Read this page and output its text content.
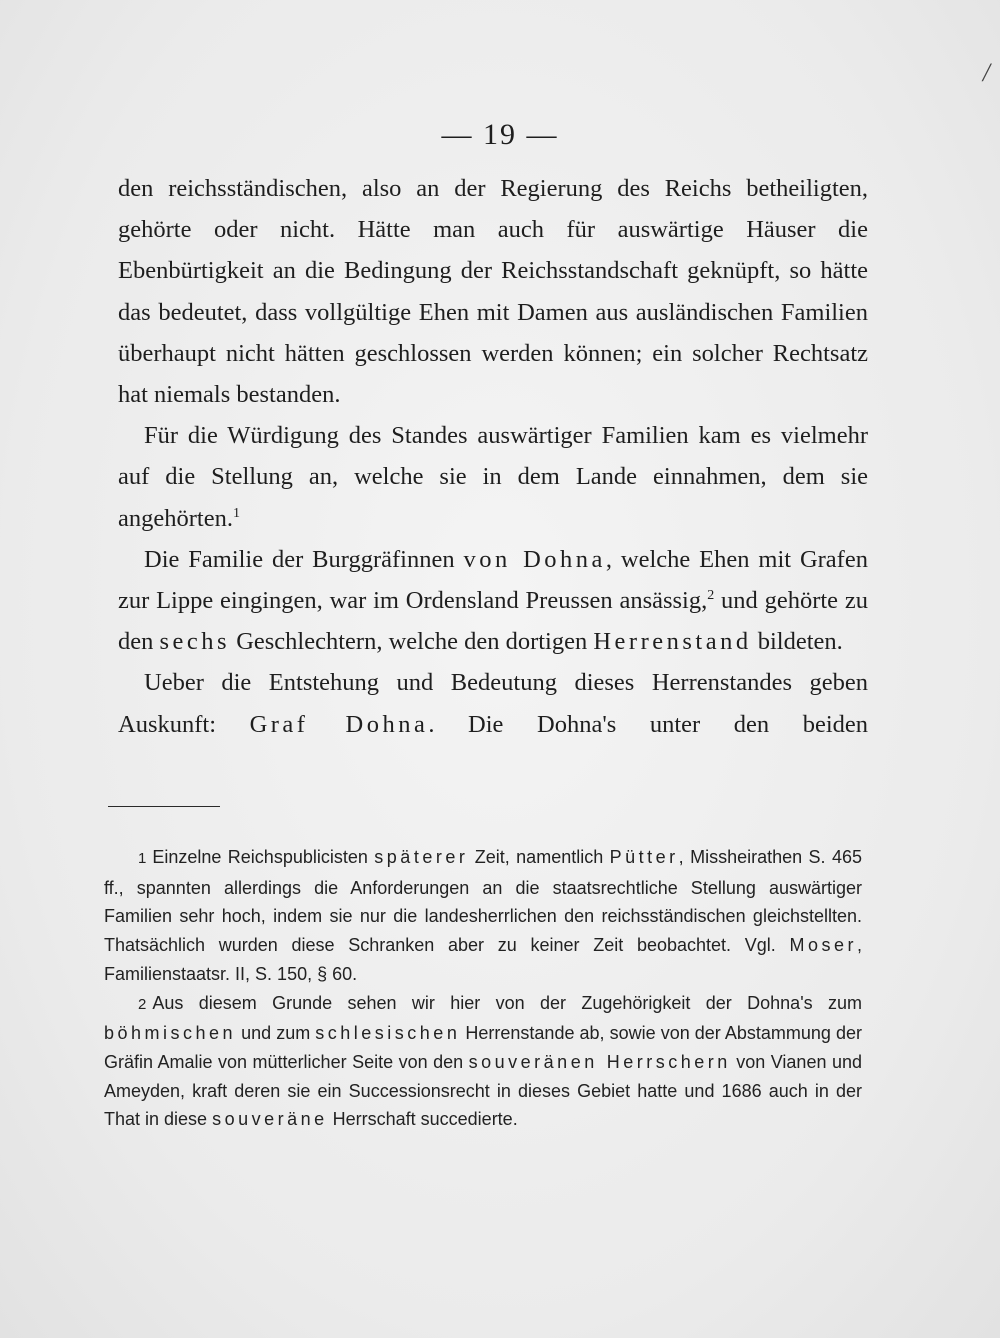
/
— 19 —

den reichsständischen, also an der Regierung des Reichs betheiligten, gehörte oder nicht. Hätte man auch für auswärtige Häuser die Ebenbürtigkeit an die Bedingung der Reichsstandschaft geknüpft, so hätte das bedeutet, dass vollgültige Ehen mit Damen aus ausländischen Familien überhaupt nicht hätten geschlossen werden können; ein solcher Rechtsatz hat niemals bestanden.

Für die Würdigung des Standes auswärtiger Familien kam es vielmehr auf die Stellung an, welche sie in dem Lande einnahmen, dem sie angehörten.$^1$

Die Familie der Burggräfinnen von Dohna, welche Ehen mit Grafen zur Lippe eingingen, war im Ordensland Preussen ansässig,$^2$ und gehörte zu den sechs Geschlechtern, welche den dortigen Herrenstand bildeten.

Ueber die Entstehung und Bedeutung dieses Herrenstandes geben Auskunft: Graf Dohna. Die Dohna's unter den beiden

1 Einzelne Reichspublicisten späterer Zeit, namentlich Pütter, Missheirathen S. 465 ff., spannten allerdings die Anforderungen an die staatsrechtliche Stellung auswärtiger Familien sehr hoch, indem sie nur die landesherrlichen den reichsständischen gleichstellten. Thatsächlich wurden diese Schranken aber zu keiner Zeit beobachtet. Vgl. Moser, Familienstaatsr. II, S. 150, § 60.

2 Aus diesem Grunde sehen wir hier von der Zugehörigkeit der Dohna's zum böhmischen und zum schlesischen Herrenstande ab, sowie von der Abstammung der Gräfin Amalie von mütterlicher Seite von den souveränen Herrschern von Vianen und Ameyden, kraft deren sie ein Successionsrecht in dieses Gebiet hatte und 1686 auch in der That in diese souveräne Herrschaft succedierte.
